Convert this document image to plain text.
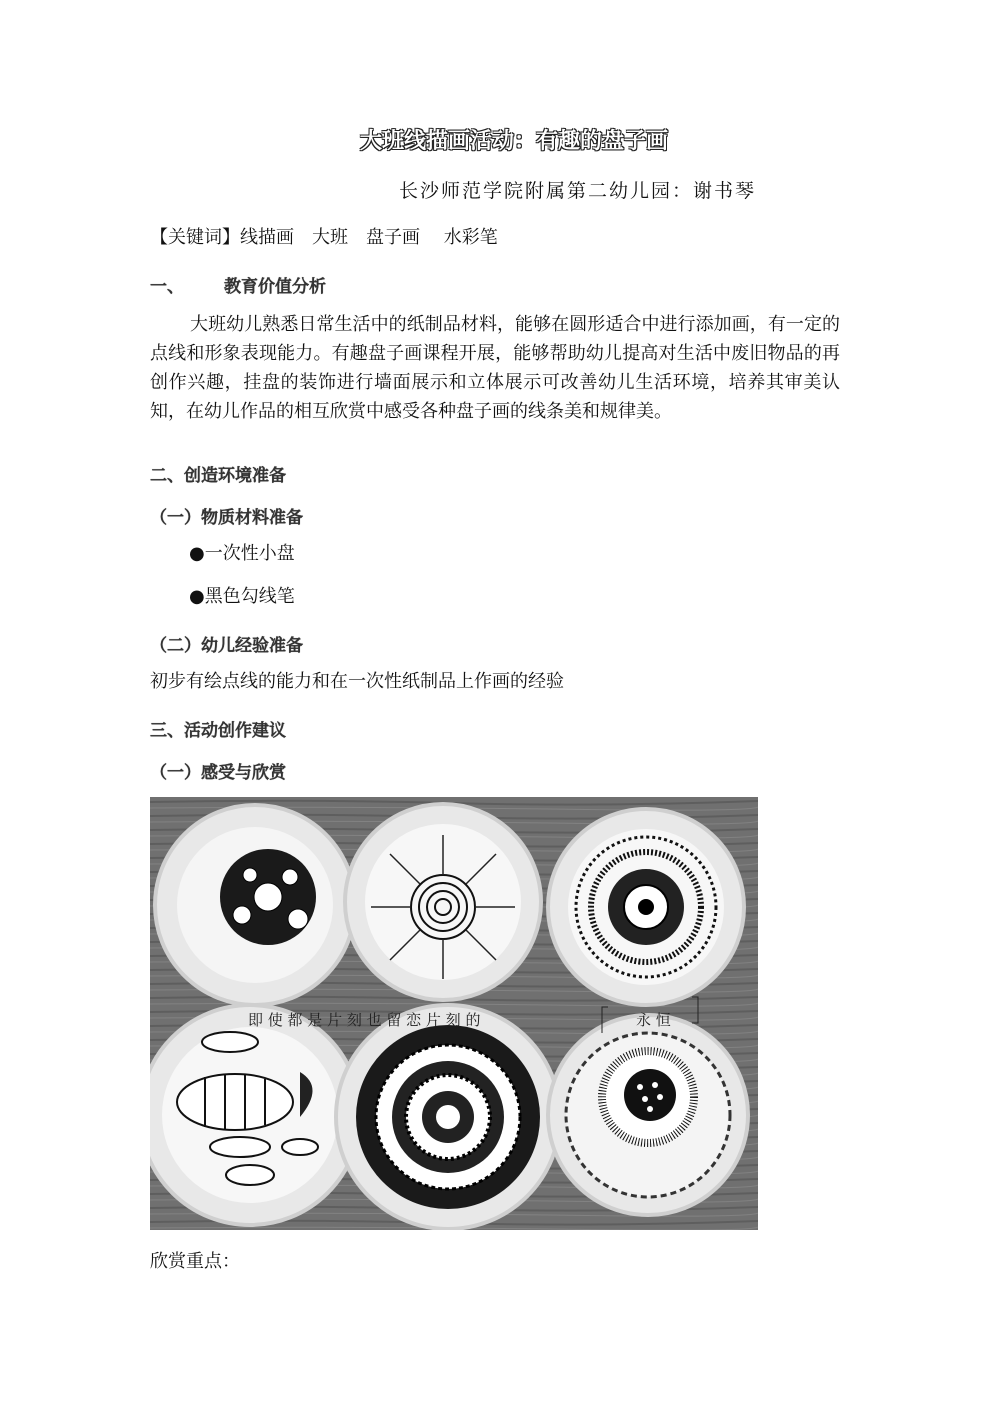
大班线描画活动：有趣的盘子画
长沙师范学院附属第二幼儿园：谢书琴
【关键词】线描画　大班　盘子画　 水彩笔
一、 教育价值分析
大班幼儿熟悉日常生活中的纸制品材料，能够在圆形适合中进行添加画，有一定的点线和形象表现能力。有趣盘子画课程开展，能够帮助幼儿提高对生活中废旧物品的再创作兴趣，挂盘的装饰进行墙面展示和立体展示可改善幼儿生活环境，培养其审美认知，在幼儿作品的相互欣赏中感受各种盘子画的线条美和规律美。
二、创造环境准备
（一）物质材料准备
●一次性小盘
●黑色勾线笔
（二）幼儿经验准备
初步有绘点线的能力和在一次性纸制品上作画的经验
三、活动创作建议
（一）感受与欣赏
即 使 都 是 片 刻 也 留 恋 片 刻 的	永 恒
欣赏重点：
